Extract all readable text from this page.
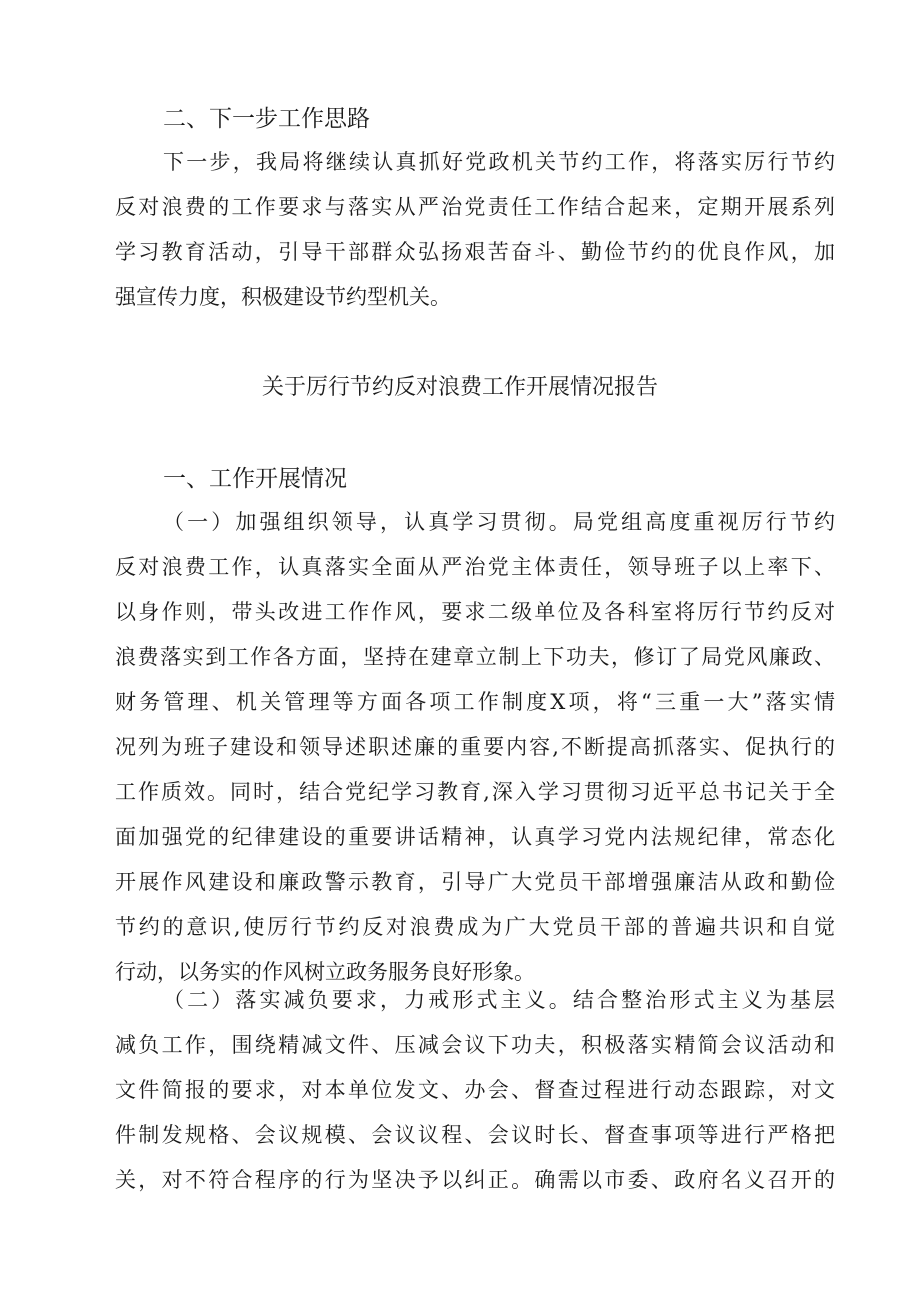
二、下一步工作思路
下一步，我局将继续认真抓好党政机关节约工作，将落实厉行节约
反对浪费的工作要求与落实从严治党责任工作结合起来，定期开展系列
学习教育活动，引导干部群众弘扬艰苦奋斗、勤俭节约的优良作风，加
强宣传力度，积极建设节约型机关。
关于厉行节约反对浪费工作开展情况报告
一、工作开展情况
（一）加强组织领导，认真学习贯彻。局党组高度重视厉行节约
反对浪费工作，认真落实全面从严治党主体责任，领导班子以上率下、
以身作则，带头改进工作作风，要求二级单位及各科室将厉行节约反对
浪费落实到工作各方面，坚持在建章立制上下功夫，修订了局党风廉政、
财务管理、机关管理等方面各项工作制度X项，将“三重一大”落实情
况列为班子建设和领导述职述廉的重要内容,不断提高抓落实、促执行的
工作质效。同时，结合党纪学习教育,深入学习贯彻习近平总书记关于全
面加强党的纪律建设的重要讲话精神，认真学习党内法规纪律，常态化
开展作风建设和廉政警示教育，引导广大党员干部增强廉洁从政和勤俭
节约的意识,使厉行节约反对浪费成为广大党员干部的普遍共识和自觉
行动，以务实的作风树立政务服务良好形象。
（二）落实减负要求，力戒形式主义。结合整治形式主义为基层
减负工作，围绕精减文件、压减会议下功夫，积极落实精简会议活动和
文件简报的要求，对本单位发文、办会、督查过程进行动态跟踪，对文
件制发规格、会议规模、会议议程、会议时长、督查事项等进行严格把
关，对不符合程序的行为坚决予以纠正。确需以市委、政府名义召开的
